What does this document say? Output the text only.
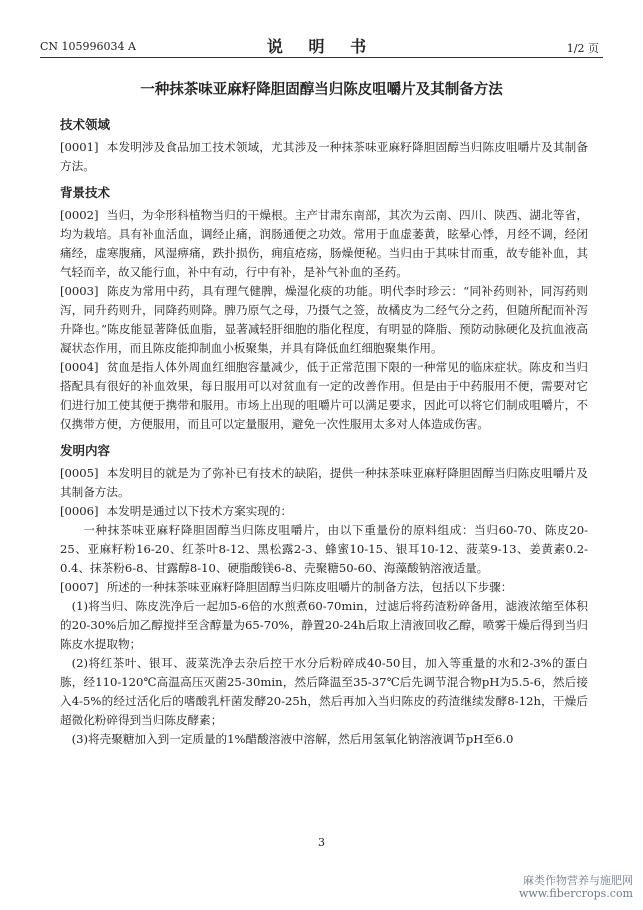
CN 105996034 A	说 明 书	1/2 页
一种抹茶味亚麻籽降胆固醇当归陈皮咀嚼片及其制备方法
技术领域

[0001] 本发明涉及食品加工技术领域，尤其涉及一种抹茶味亚麻籽降胆固醇当归陈皮咀嚼片及其制备方法。

背景技术

[0002] 当归，为伞形科植物当归的干燥根。主产甘肃东南部，其次为云南、四川、陕西、湖北等省，均为栽培。具有补血活血，调经止痛，润肠通便之功效。常用于血虚萎黄，眩晕心悸，月经不调，经闭痛经，虚寒腹痛，风湿痹痛，跌扑损伤，痈疽疮疡，肠燥便秘。当归由于其味甘而重，故专能补血，其气轻而辛，故又能行血，补中有动，行中有补，是补气补血的圣药。

[0003] 陈皮为常用中药，具有理气健脾，燥湿化痰的功能。明代李时珍云：“同补药则补，同泻药则泻，同升药则升，同降药则降。脾乃原气之母，乃摄气之签，故橘皮为二经气分之药，但随所配而补泻升降也。”陈皮能显著降低血脂，显著减轻肝细胞的脂化程度，有明显的降脂、预防动脉硬化及抗血液高凝状态作用，而且陈皮能抑制血小板聚集，并具有降低血红细胞聚集作用。

[0004] 贫血是指人体外周血红细胞容量减少，低于正常范围下限的一种常见的临床症状。陈皮和当归搭配具有很好的补血效果，每日服用可以对贫血有一定的改善作用。但是由于中药服用不便，需要对它们进行加工使其便于携带和服用。市场上出现的咀嚼片可以满足要求，因此可以将它们制成咀嚼片，不仅携带方便，方便服用，而且可以定量服用，避免一次性服用太多对人体造成伤害。

发明内容

[0005] 本发明目的就是为了弥补已有技术的缺陷，提供一种抹茶味亚麻籽降胆固醇当归陈皮咀嚼片及其制备方法。

[0006] 本发明是通过以下技术方案实现的：

一种抹茶味亚麻籽降胆固醇当归陈皮咀嚼片，由以下重量份的原料组成：当归60-70、陈皮20-25、亚麻籽粉16-20、红茶叶8-12、黑松露2-3、蜂蜜10-15、银耳10-12、菠菜9-13、姜黄素0.2-0.4、抹茶粉6-8、甘露醇8-10、硬脂酸镁6-8、壳聚糖50-60、海藻酸钠溶液适量。

[0007] 所述的一种抹茶味亚麻籽降胆固醇当归陈皮咀嚼片的制备方法，包括以下步骤：

(1)将当归、陈皮洗净后一起加5-6倍的水煎煮60-70min，过滤后将药渣粉碎备用，滤液浓缩至体积的20-30%后加乙醇搅拌至含醇量为65-70%，静置20-24h后取上清液回收乙醇，喷雾干燥后得到当归陈皮水提取物；

(2)将红茶叶、银耳、菠菜洗净去杂后控干水分后粉碎成40-50目，加入等重量的水和2-3%的蛋白胨，经110-120℃高温高压灭菌25-30min，然后降温至35-37℃后先调节混合物pH为5.5-6，然后接入4-5%的经过活化后的嗜酸乳杆菌发酵20-25h，然后再加入当归陈皮的药渣继续发酵8-12h，干燥后超微化粉碎得到当归陈皮酵素；

(3)将壳聚糖加入到一定质量的1%醋酸溶液中溶解，然后用氢氧化钠溶液调节pH至6.0

3
麻类作物营养与施肥网
www.fibercrops.com
